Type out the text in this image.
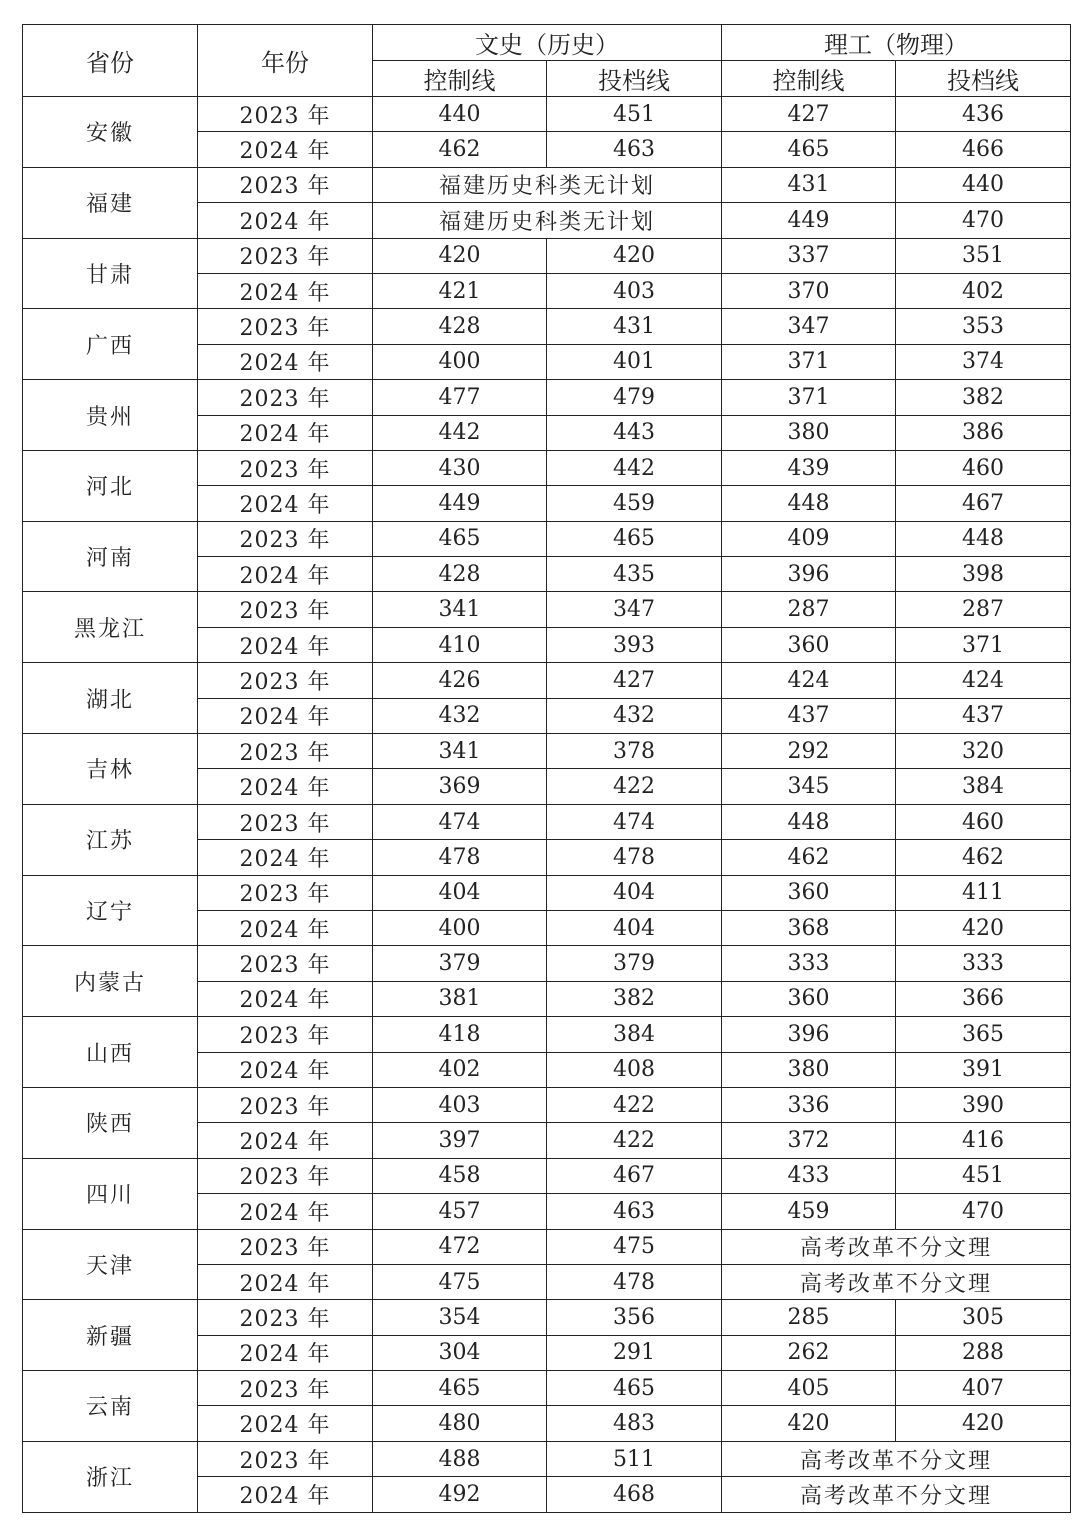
省份	年份	文史（历史）		理工（物理）	
		控制线	投档线	控制线	投档线
安徽	2023 年	440	451	427	436
	2024 年	462	463	465	466
福建	2023 年	福建历史科类无计划		431	440
	2024 年	福建历史科类无计划		449	470
甘肃	2023 年	420	420	337	351
	2024 年	421	403	370	402
广西	2023 年	428	431	347	353
	2024 年	400	401	371	374
贵州	2023 年	477	479	371	382
	2024 年	442	443	380	386
河北	2023 年	430	442	439	460
	2024 年	449	459	448	467
河南	2023 年	465	465	409	448
	2024 年	428	435	396	398
黑龙江	2023 年	341	347	287	287
	2024 年	410	393	360	371
湖北	2023 年	426	427	424	424
	2024 年	432	432	437	437
吉林	2023 年	341	378	292	320
	2024 年	369	422	345	384
江苏	2023 年	474	474	448	460
	2024 年	478	478	462	462
辽宁	2023 年	404	404	360	411
	2024 年	400	404	368	420
内蒙古	2023 年	379	379	333	333
	2024 年	381	382	360	366
山西	2023 年	418	384	396	365
	2024 年	402	408	380	391
陕西	2023 年	403	422	336	390
	2024 年	397	422	372	416
四川	2023 年	458	467	433	451
	2024 年	457	463	459	470
天津	2023 年	472	475	高考改革不分文理	
	2024 年	475	478	高考改革不分文理	
新疆	2023 年	354	356	285	305
	2024 年	304	291	262	288
云南	2023 年	465	465	405	407
	2024 年	480	483	420	420
浙江	2023 年	488	511	高考改革不分文理	
	2024 年	492	468	高考改革不分文理	
